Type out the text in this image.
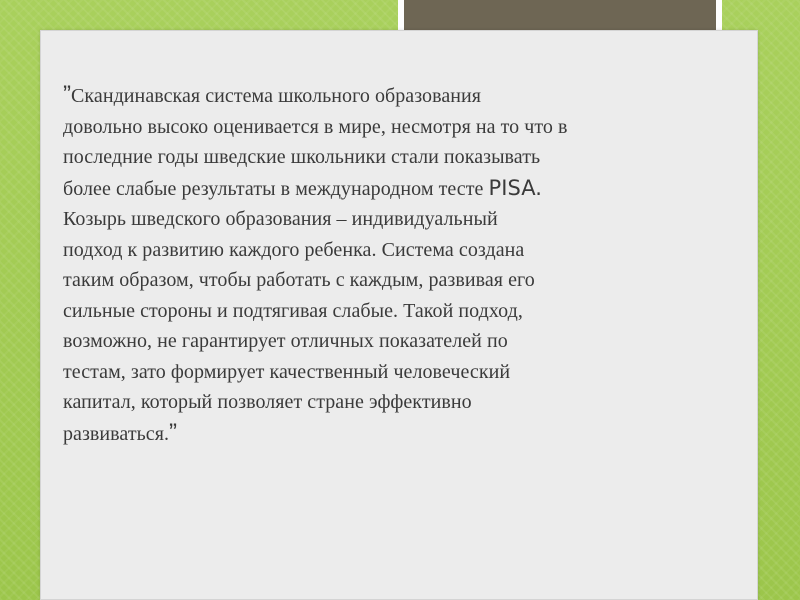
”Скандинавская система школьного образования
довольно высоко оценивается в мире, несмотря на то что в
последние годы шведские школьники стали показывать
более слабые результаты в международном тесте PISA.
Козырь шведского образования – индивидуальный
подход к развитию каждого ребенка. Система создана
таким образом, чтобы работать с каждым, развивая его
сильные стороны и подтягивая слабые. Такой подход,
возможно, не гарантирует отличных показателей по
тестам, зато формирует качественный человеческий
капитал, который позволяет стране эффективно
развиваться.”
